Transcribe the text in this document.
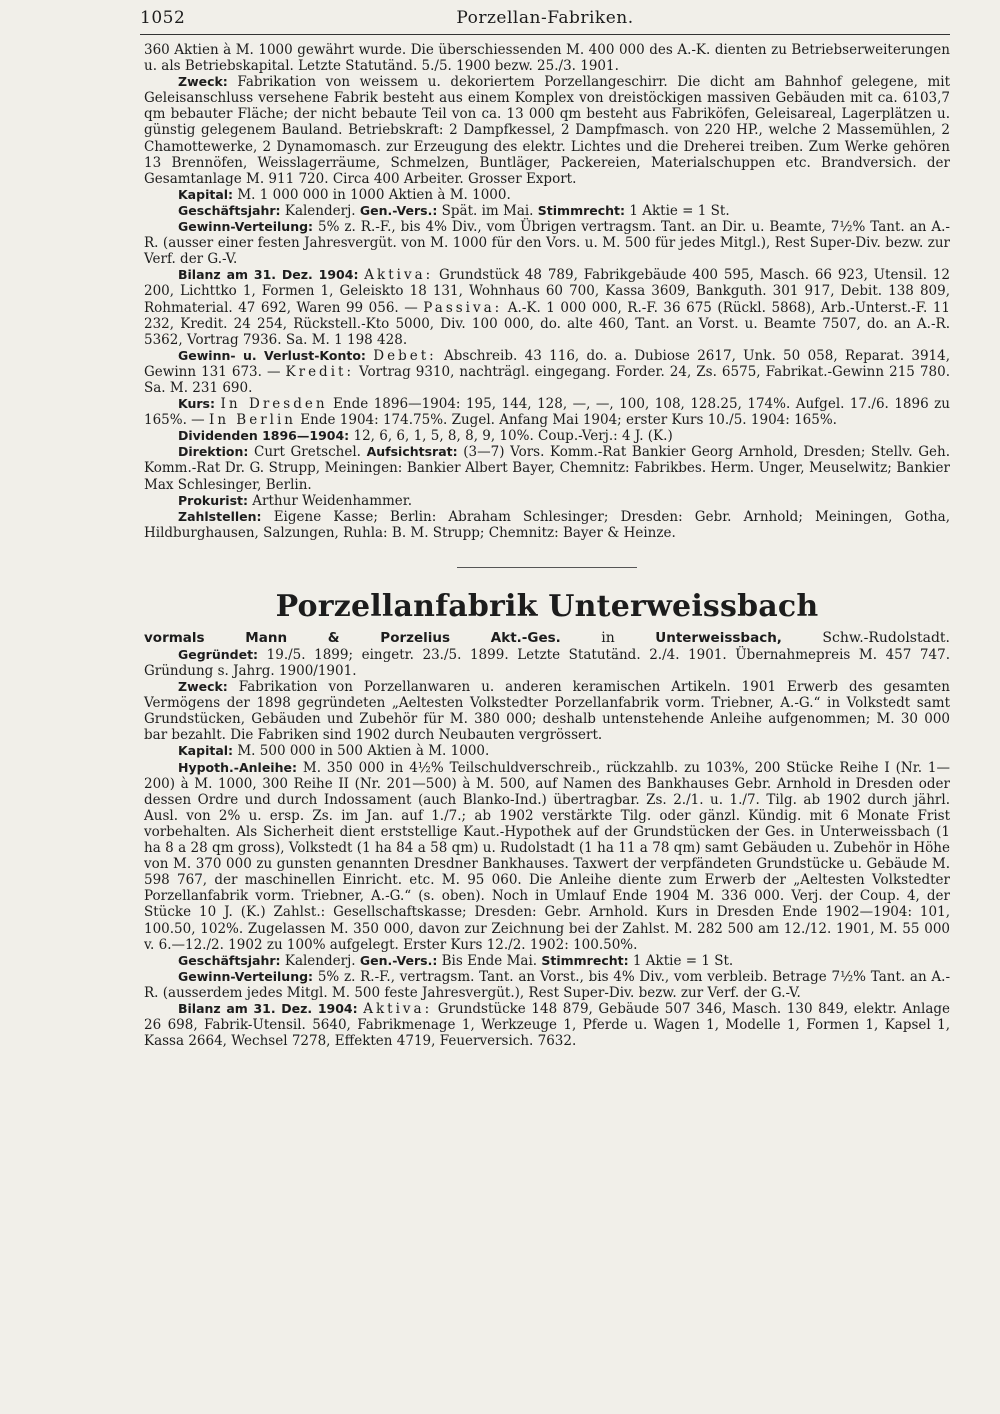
1052	Porzellan-Fabriken.

360 Aktien à M. 1000 gewährt wurde. Die überschiessenden M. 400 000 des A.-K. dienten zu Betriebserweiterungen u. als Betriebskapital. Letzte Statutänd. 5./5. 1900 bezw. 25./3. 1901.

Zweck: Fabrikation von weissem u. dekoriertem Porzellangeschirr. Die dicht am Bahnhof gelegene, mit Geleisanschluss versehene Fabrik besteht aus einem Komplex von dreistöckigen massiven Gebäuden mit ca. 6103,7 qm bebauter Fläche; der nicht bebaute Teil von ca. 13 000 qm besteht aus Fabriköfen, Geleisareal, Lagerplätzen u. günstig gelegenem Bauland. Betriebskraft: 2 Dampfkessel, 2 Dampfmasch. von 220 HP., welche 2 Massemühlen, 2 Chamottewerke, 2 Dynamomasch. zur Erzeugung des elektr. Lichtes und die Dreherei treiben. Zum Werke gehören 13 Brennöfen, Weisslagerräume, Schmelzen, Buntläger, Packereien, Materialschuppen etc. Brandversich. der Gesamtanlage M. 911 720. Circa 400 Arbeiter. Grosser Export.

Kapital: M. 1 000 000 in 1000 Aktien à M. 1000.

Geschäftsjahr: Kalenderj. Gen.-Vers.: Spät. im Mai. Stimmrecht: 1 Aktie = 1 St.

Gewinn-Verteilung: 5% z. R.-F., bis 4% Div., vom Übrigen vertragsm. Tant. an Dir. u. Beamte, 7½% Tant. an A.-R. (ausser einer festen Jahresvergüt. von M. 1000 für den Vors. u. M. 500 für jedes Mitgl.), Rest Super-Div. bezw. zur Verf. der G.-V.

Bilanz am 31. Dez. 1904: Aktiva: Grundstück 48 789, Fabrikgebäude 400 595, Masch. 66 923, Utensil. 12 200, Lichttko 1, Formen 1, Geleiskto 18 131, Wohnhaus 60 700, Kassa 3609, Bankguth. 301 917, Debit. 138 809, Rohmaterial. 47 692, Waren 99 056. — Passiva: A.-K. 1 000 000, R.-F. 36 675 (Rückl. 5868), Arb.-Unterst.-F. 11 232, Kredit. 24 254, Rückstell.-Kto 5000, Div. 100 000, do. alte 460, Tant. an Vorst. u. Beamte 7507, do. an A.-R. 5362, Vortrag 7936. Sa. M. 1 198 428.

Gewinn- u. Verlust-Konto: Debet: Abschreib. 43 116, do. a. Dubiose 2617, Unk. 50 058, Reparat. 3914, Gewinn 131 673. — Kredit: Vortrag 9310, nachträgl. eingegang. Forder. 24, Zs. 6575, Fabrikat.-Gewinn 215 780. Sa. M. 231 690.

Kurs: In Dresden Ende 1896—1904: 195, 144, 128, —, —, 100, 108, 128.25, 174%. Aufgel. 17./6. 1896 zu 165%. — In Berlin Ende 1904: 174.75%. Zugel. Anfang Mai 1904; erster Kurs 10./5. 1904: 165%.

Dividenden 1896—1904: 12, 6, 6, 1, 5, 8, 8, 9, 10%. Coup.-Verj.: 4 J. (K.)

Direktion: Curt Gretschel. Aufsichtsrat: (3—7) Vors. Komm.-Rat Bankier Georg Arnhold, Dresden; Stellv. Geh. Komm.-Rat Dr. G. Strupp, Meiningen: Bankier Albert Bayer, Chemnitz: Fabrikbes. Herm. Unger, Meuselwitz; Bankier Max Schlesinger, Berlin.

Prokurist: Arthur Weidenhammer.

Zahlstellen: Eigene Kasse; Berlin: Abraham Schlesinger; Dresden: Gebr. Arnhold; Meiningen, Gotha, Hildburghausen, Salzungen, Ruhla: B. M. Strupp; Chemnitz: Bayer & Heinze.

Porzellanfabrik Unterweissbach

vormals Mann & Porzelius Akt.-Ges.	in	Unterweissbach,	Schw.-Rudolstadt.

Gegründet: 19./5. 1899; eingetr. 23./5. 1899. Letzte Statutänd. 2./4. 1901. Übernahmepreis M. 457 747. Gründung s. Jahrg. 1900/1901.

Zweck: Fabrikation von Porzellanwaren u. anderen keramischen Artikeln. 1901 Erwerb des gesamten Vermögens der 1898 gegründeten „Aeltesten Volkstedter Porzellanfabrik vorm. Triebner, A.-G.“ in Volkstedt samt Grundstücken, Gebäuden und Zubehör für M. 380 000; deshalb untenstehende Anleihe aufgenommen; M. 30 000 bar bezahlt. Die Fabriken sind 1902 durch Neubauten vergrössert.

Kapital: M. 500 000 in 500 Aktien à M. 1000.

Hypoth.-Anleihe: M. 350 000 in 4½% Teilschuldverschreib., rückzahlb. zu 103%, 200 Stücke Reihe I (Nr. 1—200) à M. 1000, 300 Reihe II (Nr. 201—500) à M. 500, auf Namen des Bankhauses Gebr. Arnhold in Dresden oder dessen Ordre und durch Indossament (auch Blanko-Ind.) übertragbar. Zs. 2./1. u. 1./7. Tilg. ab 1902 durch jährl. Ausl. von 2% u. ersp. Zs. im Jan. auf 1./7.; ab 1902 verstärkte Tilg. oder gänzl. Kündig. mit 6 Monate Frist vorbehalten. Als Sicherheit dient erststellige Kaut.-Hypothek auf der Grundstücken der Ges. in Unterweissbach (1 ha 8 a 28 qm gross), Volkstedt (1 ha 84 a 58 qm) u. Rudolstadt (1 ha 11 a 78 qm) samt Gebäuden u. Zubehör in Höhe von M. 370 000 zu gunsten genannten Dresdner Bankhauses. Taxwert der verpfändeten Grundstücke u. Gebäude M. 598 767, der maschinellen Einricht. etc. M. 95 060. Die Anleihe diente zum Erwerb der „Aeltesten Volkstedter Porzellanfabrik vorm. Triebner, A.-G.“ (s. oben). Noch in Umlauf Ende 1904 M. 336 000. Verj. der Coup. 4, der Stücke 10 J. (K.) Zahlst.: Gesellschaftskasse; Dresden: Gebr. Arnhold. Kurs in Dresden Ende 1902—1904: 101, 100.50, 102%. Zugelassen M. 350 000, davon zur Zeichnung bei der Zahlst. M. 282 500 am 12./12. 1901, M. 55 000 v. 6.—12./2. 1902 zu 100% aufgelegt. Erster Kurs 12./2. 1902: 100.50%.

Geschäftsjahr: Kalenderj. Gen.-Vers.: Bis Ende Mai. Stimmrecht: 1 Aktie = 1 St.

Gewinn-Verteilung: 5% z. R.-F., vertragsm. Tant. an Vorst., bis 4% Div., vom verbleib. Betrage 7½% Tant. an A.-R. (ausserdem jedes Mitgl. M. 500 feste Jahresvergüt.), Rest Super-Div. bezw. zur Verf. der G.-V.

Bilanz am 31. Dez. 1904: Aktiva: Grundstücke 148 879, Gebäude 507 346, Masch. 130 849, elektr. Anlage 26 698, Fabrik-Utensil. 5640, Fabrikmenage 1, Werkzeuge 1, Pferde u. Wagen 1, Modelle 1, Formen 1, Kapsel 1, Kassa 2664, Wechsel 7278, Effekten 4719, Feuerversich. 7632.
